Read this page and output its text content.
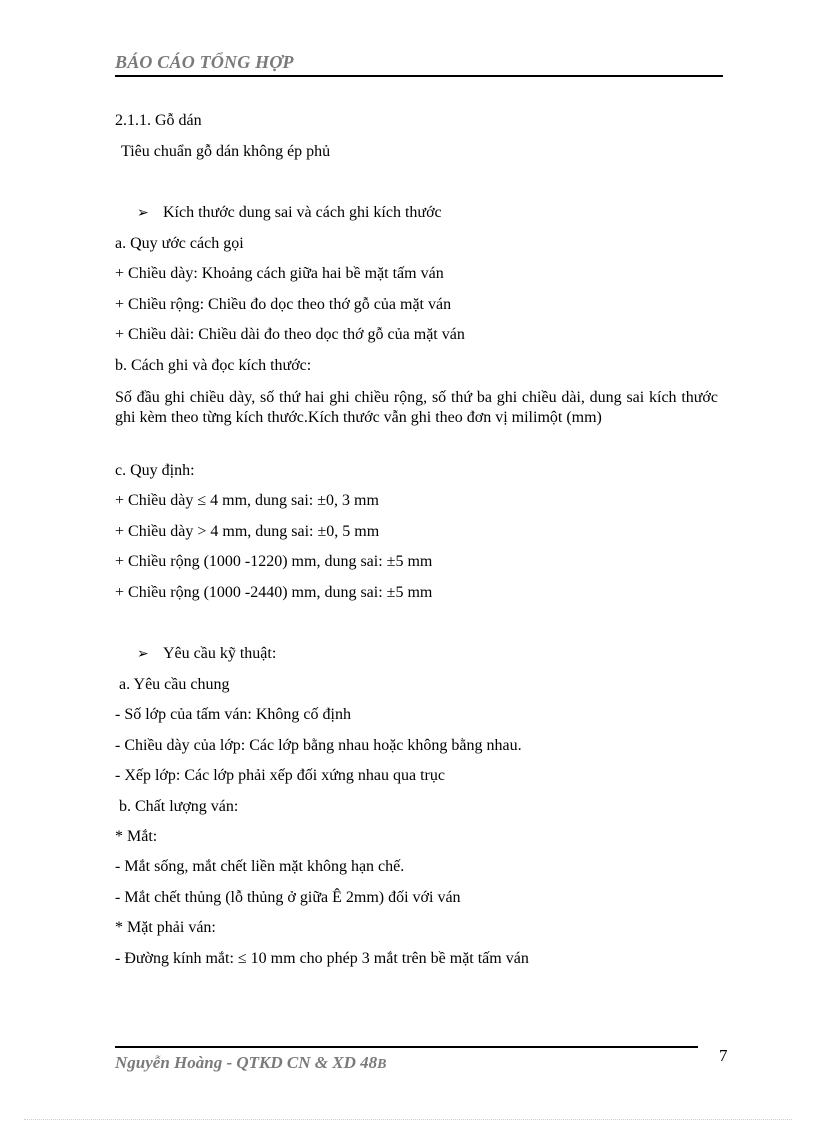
BÁO CÁO TỔNG HỢP
2.1.1. Gỗ dán
Tiêu chuẩn gỗ dán không ép phủ
➢ Kích thước dung sai và cách ghi kích thước
a. Quy ước cách gọi
+ Chiều dày: Khoảng cách giữa hai bề mặt tấm ván
+ Chiều rộng: Chiều đo dọc theo thớ gỗ của mặt ván
+ Chiều dài: Chiều dài đo theo dọc thớ gỗ của mặt ván
b. Cách ghi và đọc kích thước:
Số đầu ghi chiều dày, số thứ hai ghi chiều rộng, số thứ ba ghi chiều dài, dung sai kích thước ghi kèm theo từng kích thước.Kích thước vẫn ghi theo đơn vị milimột (mm)
c. Quy định:
+ Chiều dày ≤ 4 mm, dung sai: ±0, 3 mm
+ Chiều dày > 4 mm, dung sai: ±0, 5 mm
+ Chiều rộng (1000 -1220) mm, dung sai: ±5 mm
+ Chiều rộng (1000 -2440) mm, dung sai: ±5 mm
➢ Yêu cầu kỹ thuật:
a. Yêu cầu chung
- Số lớp của tấm ván: Không cố định
- Chiều dày của lớp: Các lớp bằng nhau hoặc không bằng nhau.
- Xếp lớp: Các lớp phải xếp đối xứng nhau qua trục
b. Chất lượng ván:
* Mắt:
- Mắt sống, mắt chết liền mặt không hạn chế.
- Mắt chết thủng (lỗ thủng ở giữa Ê 2mm) đối với ván
* Mặt phải ván:
- Đường kính mắt: ≤ 10 mm cho phép 3 mắt trên bề mặt tấm ván
Nguyễn Hoàng - QTKD CN & XD 48B	7
